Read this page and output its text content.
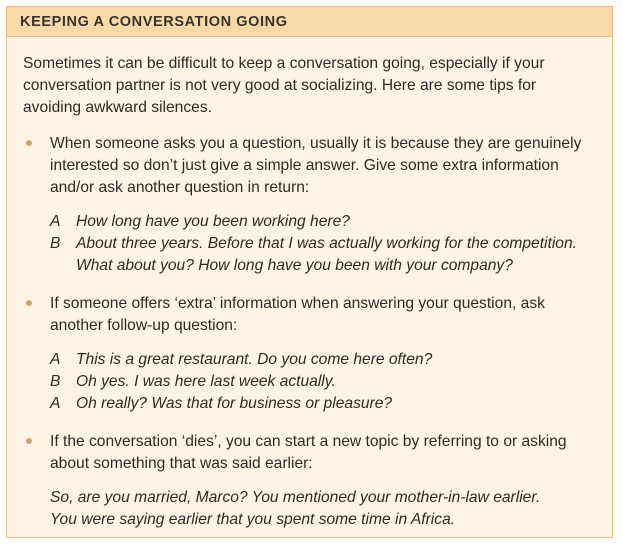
KEEPING A CONVERSATION GOING

Sometimes it can be difficult to keep a conversation going, especially if your conversation partner is not very good at socializing. Here are some tips for avoiding awkward silences.

When someone asks you a question, usually it is because they are genuinely interested so don’t just give a simple answer. Give some extra information and/or ask another question in return:

A How long have you been working here?
B About three years. Before that I was actually working for the competition. What about you? How long have you been with your company?

If someone offers ‘extra’ information when answering your question, ask another follow-up question:

A This is a great restaurant. Do you come here often?
B Oh yes. I was here last week actually.
A Oh really? Was that for business or pleasure?

If the conversation ‘dies’, you can start a new topic by referring to or asking about something that was said earlier:

So, are you married, Marco? You mentioned your mother-in-law earlier.
You were saying earlier that you spent some time in Africa.
